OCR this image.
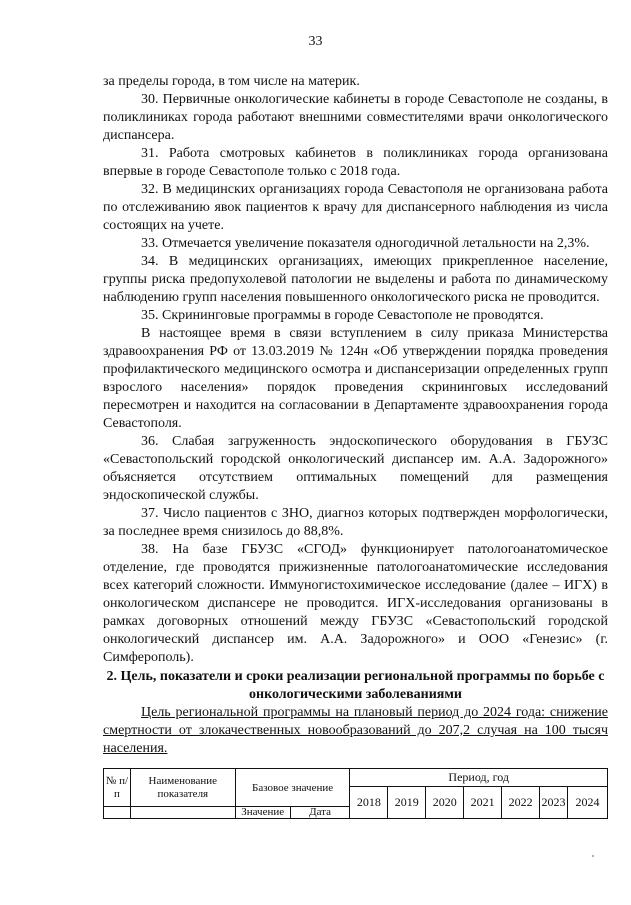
33

за пределы города, в том числе на материк.

30. Первичные онкологические кабинеты в городе Севастополе не созданы, в поликлиниках города работают внешними совместителями врачи онкологического диспансера.

31. Работа смотровых кабинетов в поликлиниках города организована впервые в городе Севастополе только с 2018 года.

32. В медицинских организациях города Севастополя не организована работа по отслеживанию явок пациентов к врачу для диспансерного наблюдения из числа состоящих на учете.

33. Отмечается увеличение показателя одногодичной летальности на 2,3%.

34. В медицинских организациях, имеющих прикрепленное население, группы риска предопухолевой патологии не выделены и работа по динамическому наблюдению групп населения повышенного онкологического риска не проводится.

35. Скрининговые программы в городе Севастополе не проводятся.

В настоящее время в связи вступлением в силу приказа Министерства здравоохранения РФ от 13.03.2019 № 124н «Об утверждении порядка проведения профилактического медицинского осмотра и диспансеризации определенных групп взрослого населения» порядок проведения скрининговых исследований пересмотрен и находится на согласовании в Департаменте здравоохранения города Севастополя.

36. Слабая загруженность эндоскопического оборудования в ГБУЗС «Севастопольский городской онкологический диспансер им. А.А. Задорожного» объясняется отсутствием оптимальных помещений для размещения эндоскопической службы.

37. Число пациентов с ЗНО, диагноз которых подтвержден морфологически, за последнее время снизилось до 88,8%.

38. На базе ГБУЗС «СГОД» функционирует патологоанатомическое отделение, где проводятся прижизненные патологоанатомические исследования всех категорий сложности. Иммуногистохимическое исследование (далее – ИГХ) в онкологическом диспансере не проводится. ИГХ-исследования организованы в рамках договорных отношений между ГБУЗС «Севастопольский городской онкологический диспансер им. А.А. Задорожного» и ООО «Генезис» (г. Симферополь).

2. Цель, показатели и сроки реализации региональной программы по борьбе с онкологическими заболеваниями

Цель региональной программы на плановый период до 2024 года: снижение смертности от злокачественных новообразований до 207,2 случая на 100 тысяч населения.

№ п/п	Наименование показателя	Базовое значение		Период, год						
				2018	2019	2020	2021	2022	2023	2024
		Значение	Дата							
